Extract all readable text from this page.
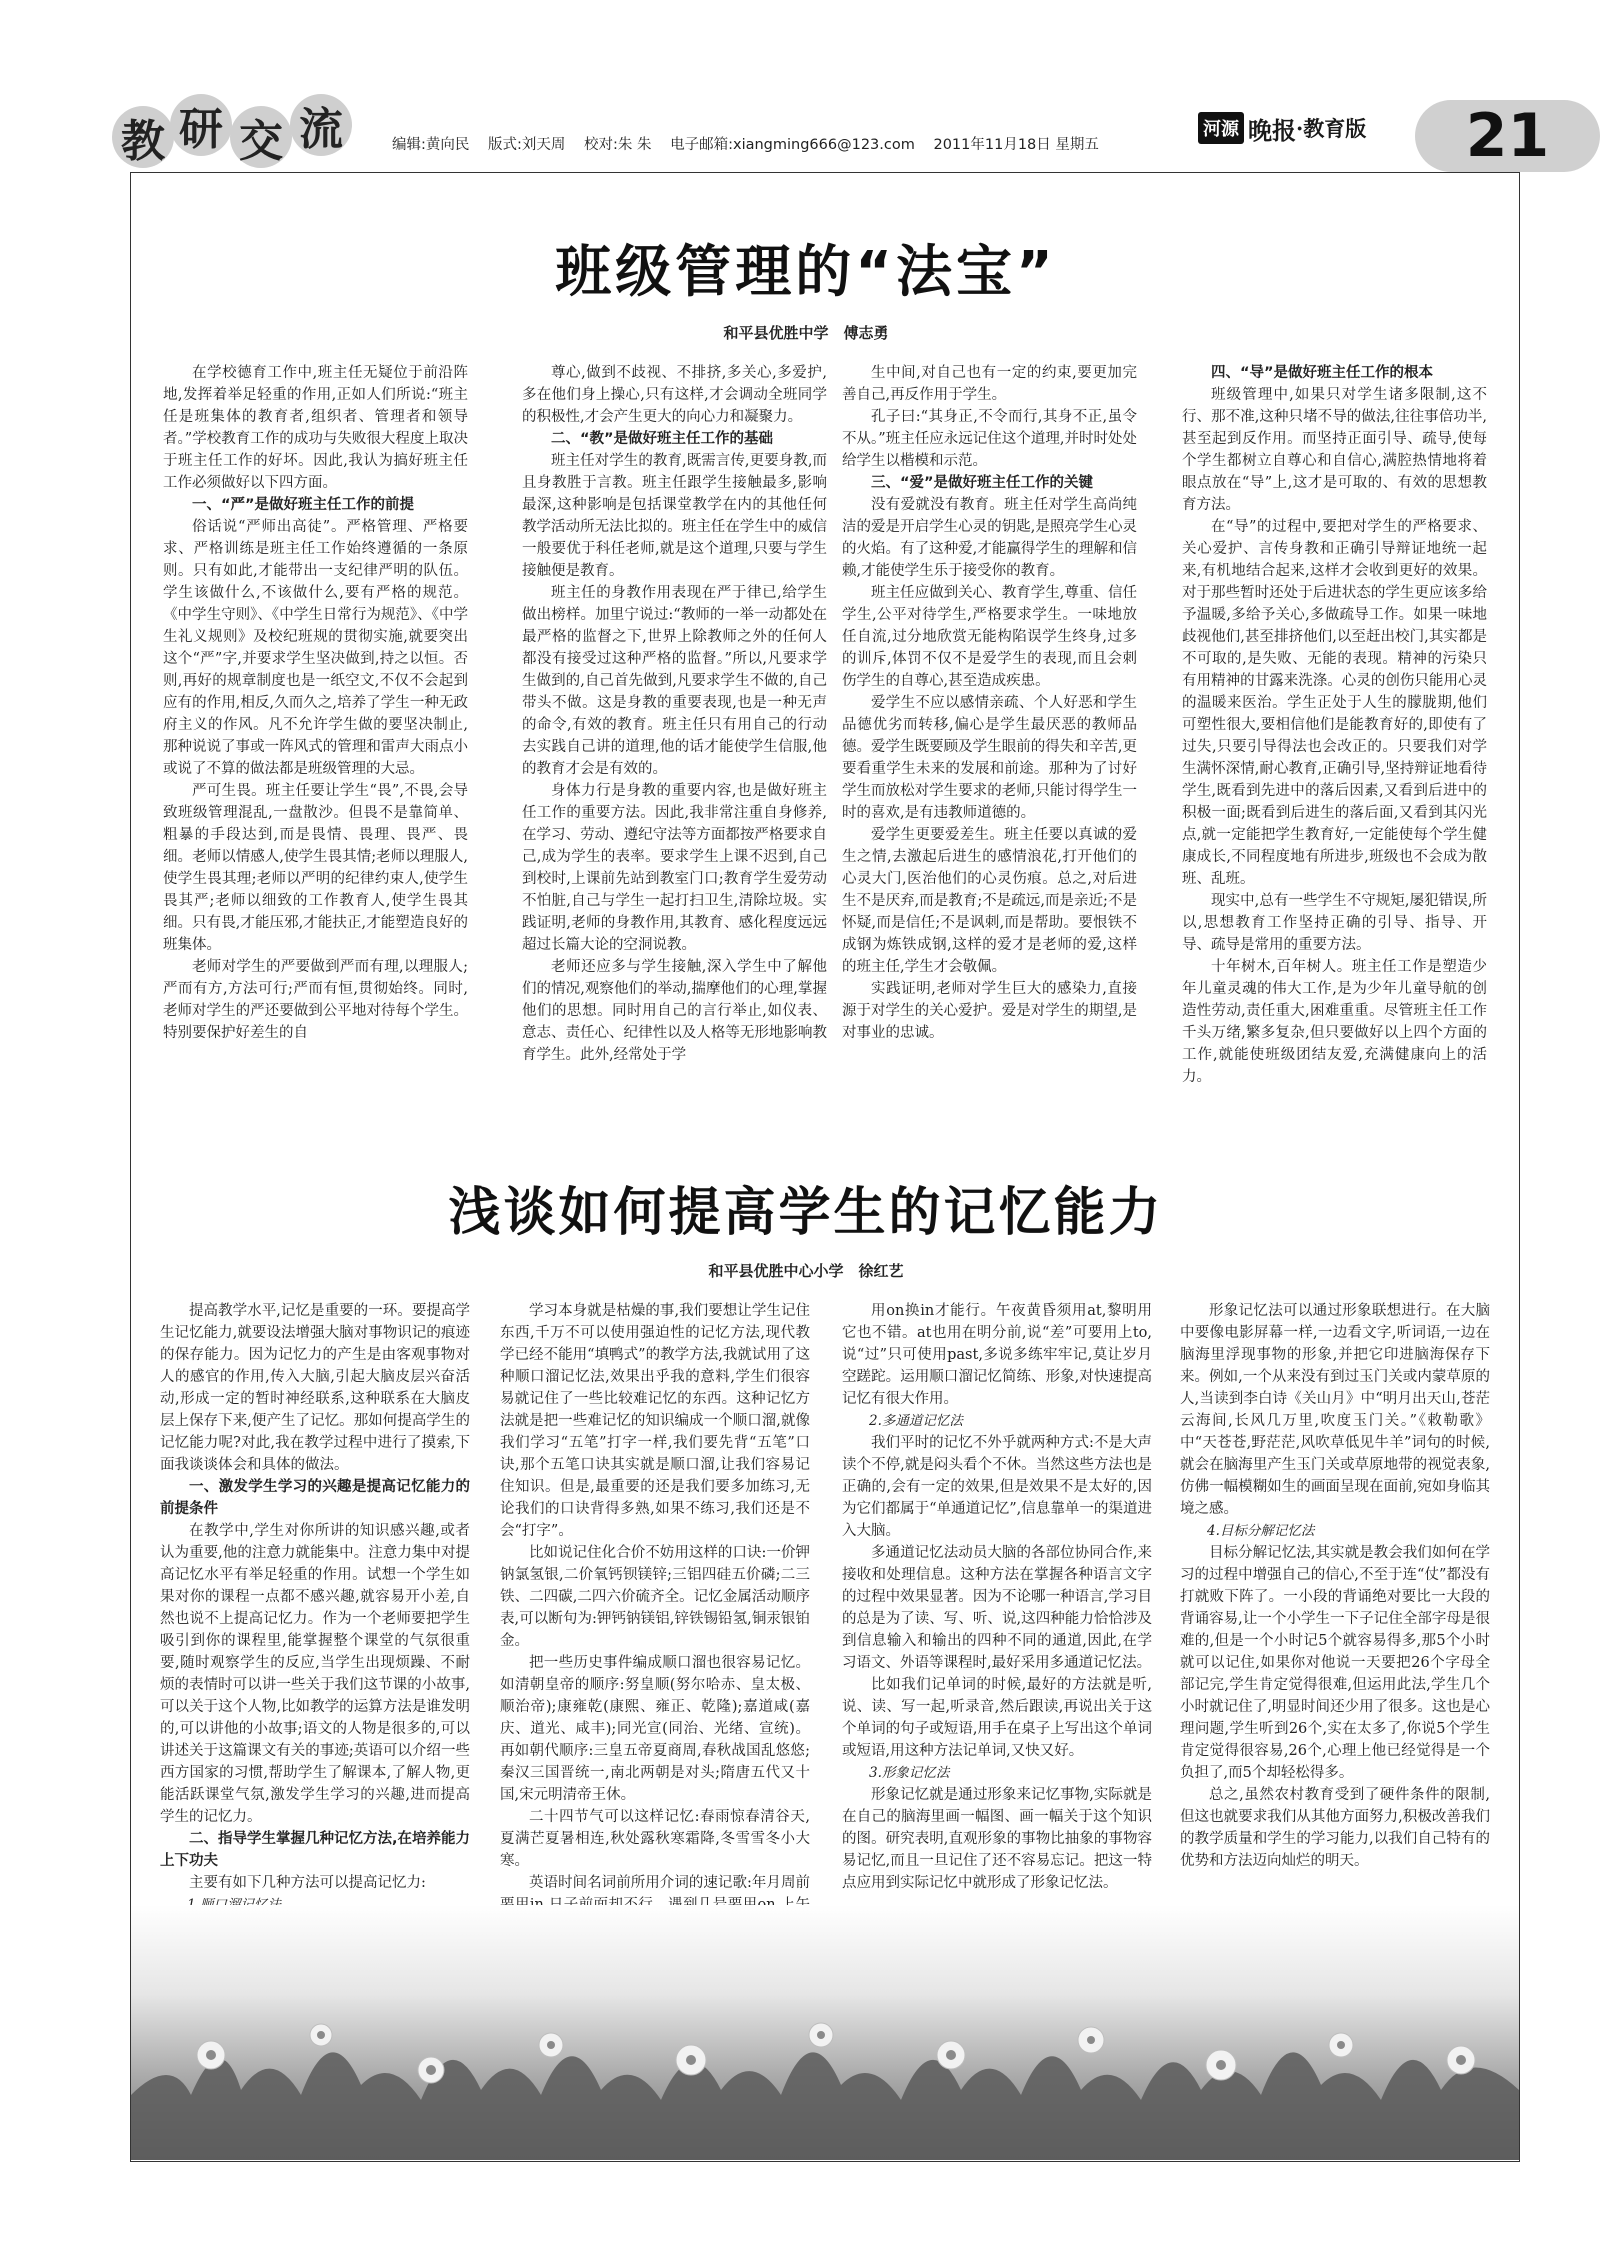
教 研 交 流	编辑:黄向民 版式:刘天周 校对:朱 朱 电子邮箱:xiangming666@123.com 2011年11月18日 星期五
河源 晚报 ·教育版	21
班级管理的“法宝”
和平县优胜中学　傅志勇

在学校德育工作中,班主任无疑位于前沿阵地,发挥着举足轻重的作用,正如人们所说:“班主任是班集体的教育者,组织者、管理者和领导者。”学校教育工作的成功与失败很大程度上取决于班主任工作的好坏。因此,我认为搞好班主任工作必须做好以下四方面。

一、“严”是做好班主任工作的前提

俗话说“严师出高徒”。严格管理、严格要求、严格训练是班主任工作始终遵循的一条原则。只有如此,才能带出一支纪律严明的队伍。学生该做什么,不该做什么,要有严格的规范。《中学生守则》、《中学生日常行为规范》、《中学生礼义规则》及校纪班规的贯彻实施,就要突出这个“严”字,并要求学生坚决做到,持之以恒。否则,再好的规章制度也是一纸空文,不仅不会起到应有的作用,相反,久而久之,培养了学生一种无政府主义的作风。凡不允许学生做的要坚决制止,那种说说了事或一阵风式的管理和雷声大雨点小或说了不算的做法都是班级管理的大忌。

严可生畏。班主任要让学生“畏”,不畏,会导致班级管理混乱,一盘散沙。但畏不是靠简单、粗暴的手段达到,而是畏情、畏理、畏严、畏细。老师以情感人,使学生畏其情;老师以理服人,使学生畏其理;老师以严明的纪律约束人,使学生畏其严;老师以细致的工作教育人,使学生畏其细。只有畏,才能压邪,才能扶正,才能塑造良好的班集体。

老师对学生的严要做到严而有理,以理服人;严而有方,方法可行;严而有恒,贯彻始终。同时,老师对学生的严还要做到公平地对待每个学生。特别要保护好差生的自

尊心,做到不歧视、不排挤,多关心,多爱护,多在他们身上操心,只有这样,才会调动全班同学的积极性,才会产生更大的向心力和凝聚力。

二、“教”是做好班主任工作的基础

班主任对学生的教育,既需言传,更要身教,而且身教胜于言教。班主任跟学生接触最多,影响最深,这种影响是包括课堂教学在内的其他任何教学活动所无法比拟的。班主任在学生中的威信一般要优于科任老师,就是这个道理,只要与学生接触便是教育。

班主任的身教作用表现在严于律已,给学生做出榜样。加里宁说过:“教师的一举一动都处在最严格的监督之下,世界上除教师之外的任何人都没有接受过这种严格的监督。”所以,凡要求学生做到的,自己首先做到,凡要求学生不做的,自己带头不做。这是身教的重要表现,也是一种无声的命令,有效的教育。班主任只有用自己的行动去实践自己讲的道理,他的话才能使学生信服,他的教育才会是有效的。

身体力行是身教的重要内容,也是做好班主任工作的重要方法。因此,我非常注重自身修养,在学习、劳动、遵纪守法等方面都按严格要求自己,成为学生的表率。要求学生上课不迟到,自己到校时,上课前先站到教室门口;教育学生爱劳动不怕脏,自己与学生一起打扫卫生,清除垃圾。实践证明,老师的身教作用,其教育、感化程度远远超过长篇大论的空洞说教。

老师还应多与学生接触,深入学生中了解他们的情况,观察他们的举动,揣摩他们的心理,掌握他们的思想。同时用自己的言行举止,如仪表、意志、责任心、纪律性以及人格等无形地影响教育学生。此外,经常处于学

生中间,对自己也有一定的约束,要更加完善自己,再反作用于学生。

孔子曰:“其身正,不令而行,其身不正,虽令不从。”班主任应永远记住这个道理,并时时处处给学生以楷模和示范。

三、“爱”是做好班主任工作的关键

没有爱就没有教育。班主任对学生高尚纯洁的爱是开启学生心灵的钥匙,是照亮学生心灵的火焰。有了这种爱,才能赢得学生的理解和信赖,才能使学生乐于接受你的教育。

班主任应做到关心、教育学生,尊重、信任学生,公平对待学生,严格要求学生。一味地放任自流,过分地欣赏无能构陷误学生终身,过多的训斥,体罚不仅不是爱学生的表现,而且会刺伤学生的自尊心,甚至造成疾患。

爱学生不应以感情亲疏、个人好恶和学生品德优劣而转移,偏心是学生最厌恶的教师品德。爱学生既要顾及学生眼前的得失和辛苦,更要看重学生未来的发展和前途。那种为了讨好学生而放松对学生要求的老师,只能讨得学生一时的喜欢,是有违教师道德的。

爱学生更要爱差生。班主任要以真诚的爱生之情,去激起后进生的感情浪花,打开他们的心灵大门,医治他们的心灵伤痕。总之,对后进生不是厌弃,而是教育;不是疏远,而是亲近;不是怀疑,而是信任;不是讽刺,而是帮助。要恨铁不成钢为炼铁成钢,这样的爱才是老师的爱,这样的班主任,学生才会敬佩。

实践证明,老师对学生巨大的感染力,直接源于对学生的关心爱护。爱是对学生的期望,是对事业的忠诚。

四、“导”是做好班主任工作的根本

班级管理中,如果只对学生诸多限制,这不行、那不准,这种只堵不导的做法,往往事倍功半,甚至起到反作用。而坚持正面引导、疏导,使每个学生都树立自尊心和自信心,满腔热情地将着眼点放在“导”上,这才是可取的、有效的思想教育方法。

在“导”的过程中,要把对学生的严格要求、关心爱护、言传身教和正确引导辩证地统一起来,有机地结合起来,这样才会收到更好的效果。对于那些暂时还处于后进状态的学生更应该多给予温暖,多给予关心,多做疏导工作。如果一味地歧视他们,甚至排挤他们,以至赶出校门,其实都是不可取的,是失败、无能的表现。精神的污染只有用精神的甘露来洗涤。心灵的创伤只能用心灵的温暖来医治。学生正处于人生的朦胧期,他们可塑性很大,要相信他们是能教育好的,即使有了过失,只要引导得法也会改正的。只要我们对学生满怀深情,耐心教育,正确引导,坚持辩证地看待学生,既看到先进中的落后因素,又看到后进中的积极一面;既看到后进生的落后面,又看到其闪光点,就一定能把学生教育好,一定能使每个学生健康成长,不同程度地有所进步,班级也不会成为散班、乱班。

现实中,总有一些学生不守规矩,屡犯错误,所以,思想教育工作坚持正确的引导、指导、开导、疏导是常用的重要方法。

十年树木,百年树人。班主任工作是塑造少年儿童灵魂的伟大工作,是为少年儿童导航的创造性劳动,责任重大,困难重重。尽管班主任工作千头万绪,繁多复杂,但只要做好以上四个方面的工作,就能使班级团结友爱,充满健康向上的活力。

浅谈如何提高学生的记忆能力
和平县优胜中心小学　徐红艺

提高教学水平,记忆是重要的一环。要提高学生记忆能力,就要设法增强大脑对事物识记的痕迹的保存能力。因为记忆力的产生是由客观事物对人的感官的作用,传入大脑,引起大脑皮层兴奋活动,形成一定的暂时神经联系,这种联系在大脑皮层上保存下来,便产生了记忆。那如何提高学生的记忆能力呢?对此,我在教学过程中进行了摸索,下面我谈谈体会和具体的做法。

一、激发学生学习的兴趣是提高记忆能力的前提条件

在教学中,学生对你所讲的知识感兴趣,或者认为重要,他的注意力就能集中。注意力集中对提高记忆水平有举足轻重的作用。试想一个学生如果对你的课程一点都不感兴趣,就容易开小差,自然也说不上提高记忆力。作为一个老师要把学生吸引到你的课程里,能掌握整个课堂的气氛很重要,随时观察学生的反应,当学生出现烦躁、不耐烦的表情时可以讲一些关于我们这节课的小故事,可以关于这个人物,比如教学的运算方法是谁发明的,可以讲他的小故事;语文的人物是很多的,可以讲述关于这篇课文有关的事迹;英语可以介绍一些西方国家的习惯,帮助学生了解课本,了解人物,更能活跃课堂气氛,激发学生学习的兴趣,进而提高学生的记忆力。

二、指导学生掌握几种记忆方法,在培养能力上下功夫

主要有如下几种方法可以提高记忆力:

学习本身就是枯燥的事,我们要想让学生记住东西,千万不可以使用强迫性的记忆方法,现代教学已经不能用“填鸭式”的教学方法,我就试用了这种顺口溜记忆法,效果出乎我的意料,学生们很容易就记住了一些比较难记忆的东西。这种记忆方法就是把一些难记忆的知识编成一个顺口溜,就像我们学习“五笔”打字一样,我们要先背“五笔”口诀,那个五笔口诀其实就是顺口溜,让我们容易记住知识。但是,最重要的还是我们要多加练习,无论我们的口诀背得多熟,如果不练习,我们还是不会“打字”。

比如说记住化合价不妨用这样的口诀:一价钾钠氯氢银,二价氧钙钡镁锌;三铝四硅五价磷;二三铁、二四碳,二四六价硫齐全。记忆金属活动顺序表,可以断句为:钾钙钠镁铝,锌铁锡铅氢,铜汞银铂金。

把一些历史事件编成顺口溜也很容易记忆。如清朝皇帝的顺序:努皇顺(努尔哈赤、皇太极、顺治帝);康雍乾(康熙、雍正、乾隆);嘉道咸(嘉庆、道光、咸丰);同光宣(同治、光绪、宣统)。再如朝代顺序:三皇五帝夏商周,春秋战国乱悠悠;秦汉三国晋统一,南北两朝是对头;隋唐五代又十国,宋元明清帝王休。

二十四节气可以这样记忆:春雨惊春清谷天,夏满芒夏暑相连,秋处露秋寒霜降,冬雪雪冬小大寒。

英语时间名词前所用介词的速记歌:年月周前

用on换in才能行。午夜黄昏须用at,黎明用它也不错。at也用在明分前,说“差”可要用上to,说“过”只可使用past,多说多练牢牢记,莫让岁月空蹉跎。运用顺口溜记忆简练、形象,对快速提高记忆有很大作用。

2.多通道记忆法

我们平时的记忆不外乎就两种方式:不是大声读个不停,就是闷头看个不休。当然这些方法也是正确的,会有一定的效果,但是效果不是太好的,因为它们都属于“单通道记忆”,信息靠单一的渠道进入大脑。

多通道记忆法动员大脑的各部位协同合作,来接收和处理信息。这种方法在掌握各种语言文字的过程中效果显著。因为不论哪一种语言,学习目的总是为了读、写、听、说,这四种能力恰恰涉及到信息输入和输出的四种不同的通道,因此,在学习语文、外语等课程时,最好采用多通道记忆法。

比如我们记单词的时候,最好的方法就是听,说、读、写一起,听录音,然后跟读,再说出关于这个单词的句子或短语,用手在桌子上写出这个单词或短语,用这种方法记单词,又快又好。

3.形象记忆法

形象记忆就是通过形象来记忆事物,实际就是在自己的脑海里画一幅图、画一幅关于这个知识的图。研究表明,直观形象的事物比抽象的事物容易记忆,而且一旦记住了还不容易忘记。把这一特点应用到实际记忆中就形成了形象记忆法。

形象记忆法可以通过形象联想进行。在大脑中要像电影屏幕一样,一边看文字,听词语,一边在脑海里浮现事物的形象,并把它印进脑海保存下来。例如,一个从来没有到过玉门关或内蒙草原的人,当读到李白诗《关山月》中“明月出天山,苍茫云海间,长风几万里,吹度玉门关。”《敕勒歌》中“天苍苍,野茫茫,风吹草低见牛羊”词句的时候,就会在脑海里产生玉门关或草原地带的视觉表象,仿佛一幅模糊如生的画面呈现在面前,宛如身临其境之感。

4.目标分解记忆法

目标分解记忆法,其实就是教会我们如何在学习的过程中增强自己的信心,不至于连“仗”都没有打就败下阵了。一小段的背诵绝对要比一大段的背诵容易,让一个小学生一下子记住全部字母是很难的,但是一个小时记5个就容易得多,那5个小时就可以记住,如果你对他说一天要把26个字母全部记完,学生肯定觉得很难,但运用此法,学生几个小时就记住了,明显时间还少用了很多。这也是心理问题,学生听到26个,实在太多了,你说5个学生肯定觉得很容易,26个,心理上他已经觉得是一个负担了,而5个却轻松得多。

总之,虽然农村教育受到了硬件条件的限制,但这也就要求我们从其他方面努力,积极改善我们的教学质量和学生的学习能力,以我们自己特有的优势和方法迈向灿烂的明天。
